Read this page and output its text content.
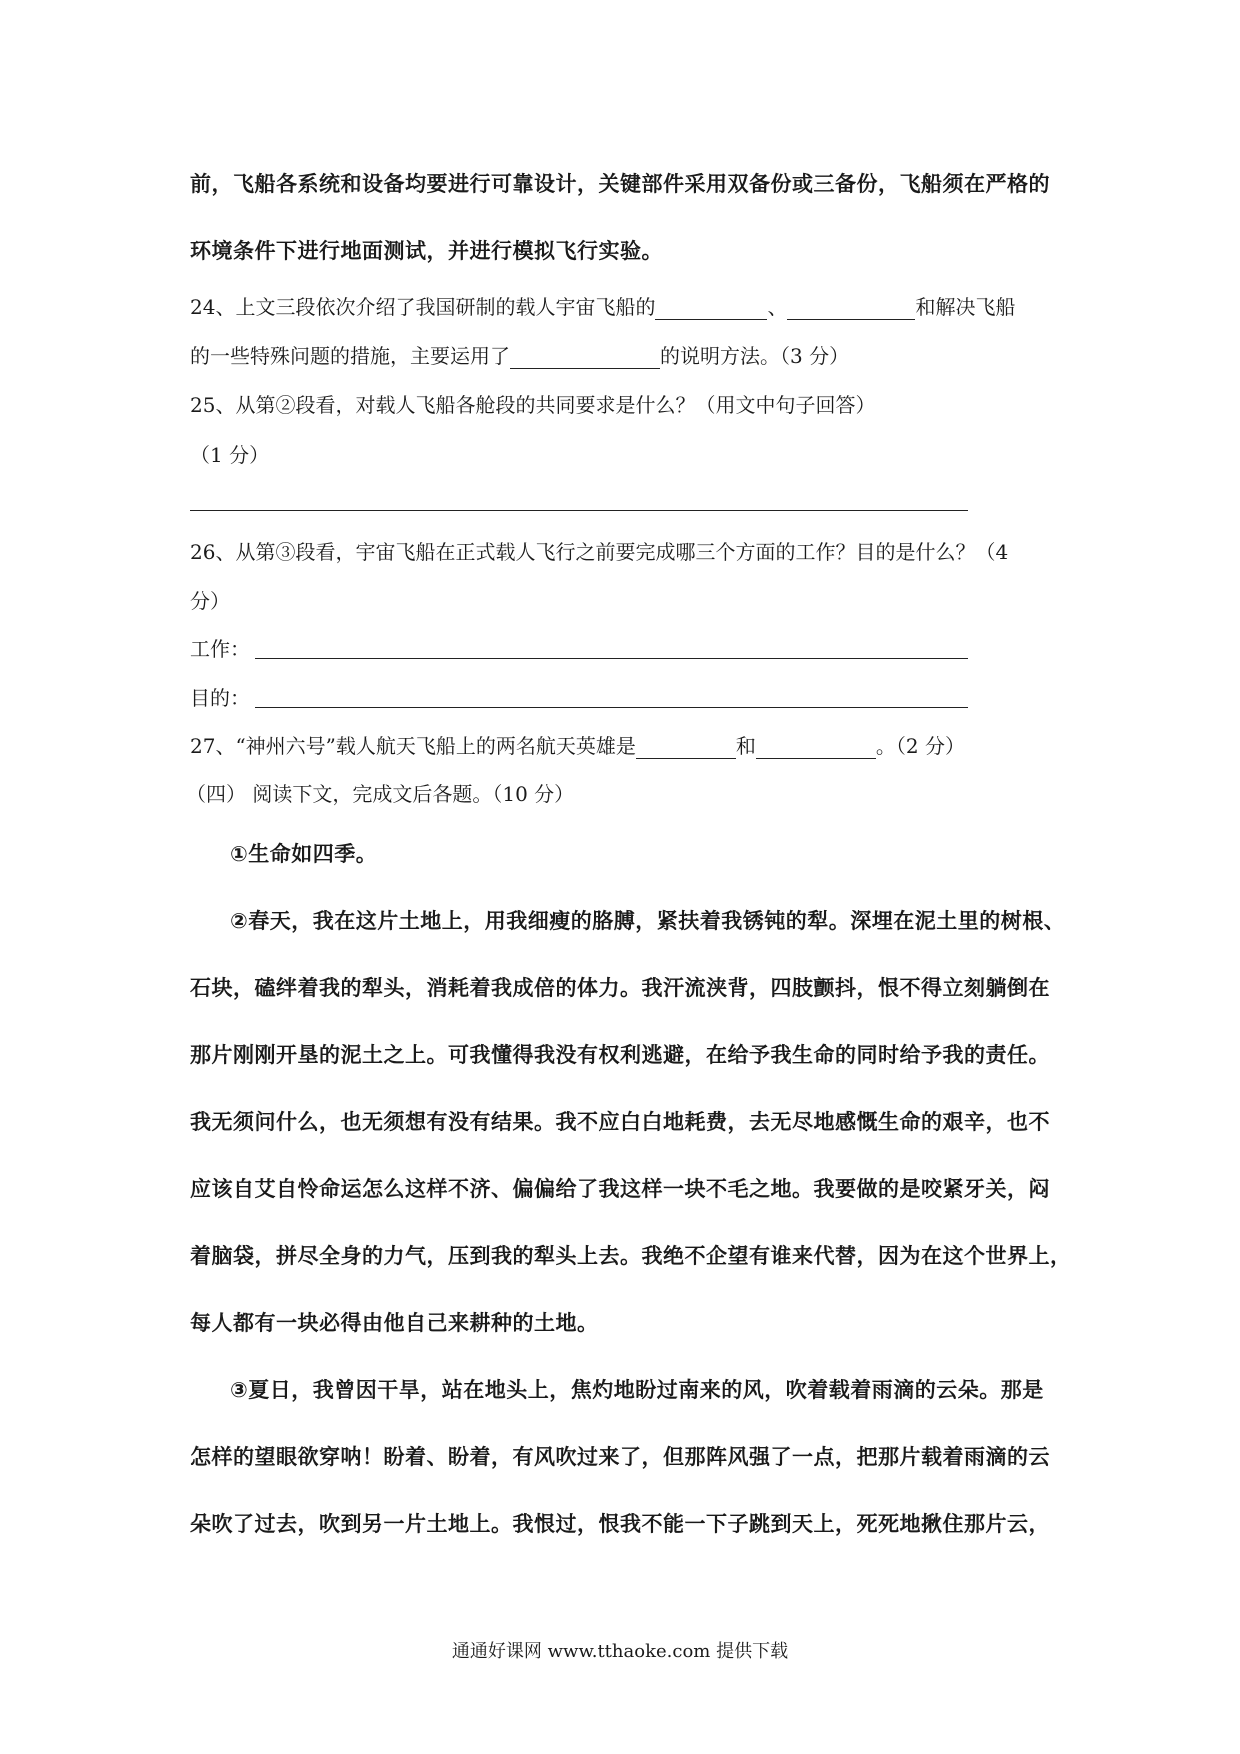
前，飞船各系统和设备均要进行可靠设计，关键部件采用双备份或三备份，飞船须在严格的
环境条件下进行地面测试，并进行模拟飞行实验。
24、上文三段依次介绍了我国研制的载人宇宙飞船的	、	和解决飞船
的一些特殊问题的措施，主要运用了	的说明方法。（3 分）
25、从第②段看，对载人飞船各舱段的共同要求是什么？（用文中句子回答）
（1 分）
26、从第③段看，宇宙飞船在正式载人飞行之前要完成哪三个方面的工作？目的是什么？（4
分）
工作：
目的：
27、“神州六号”载人航天飞船上的两名航天英雄是	和	。（2 分）
（四） 阅读下文，完成文后各题。（10 分）
①生命如四季。
②春天，我在这片土地上，用我细瘦的胳膊，紧扶着我锈钝的犁。深埋在泥土里的树根、
石块，磕绊着我的犁头，消耗着我成倍的体力。我汗流浃背，四肢颤抖，恨不得立刻躺倒在
那片刚刚开垦的泥土之上。可我懂得我没有权利逃避，在给予我生命的同时给予我的责任。
我无须问什么，也无须想有没有结果。我不应白白地耗费，去无尽地感慨生命的艰辛，也不
应该自艾自怜命运怎么这样不济、偏偏给了我这样一块不毛之地。我要做的是咬紧牙关，闷
着脑袋，拼尽全身的力气，压到我的犁头上去。我绝不企望有谁来代替，因为在这个世界上，
每人都有一块必得由他自己来耕种的土地。
③夏日，我曾因干旱，站在地头上，焦灼地盼过南来的风，吹着载着雨滴的云朵。那是
怎样的望眼欲穿呐！盼着、盼着，有风吹过来了，但那阵风强了一点，把那片载着雨滴的云
朵吹了过去，吹到另一片土地上。我恨过，恨我不能一下子跳到天上，死死地揪住那片云，
通通好课网 www.tthaoke.com 提供下载
